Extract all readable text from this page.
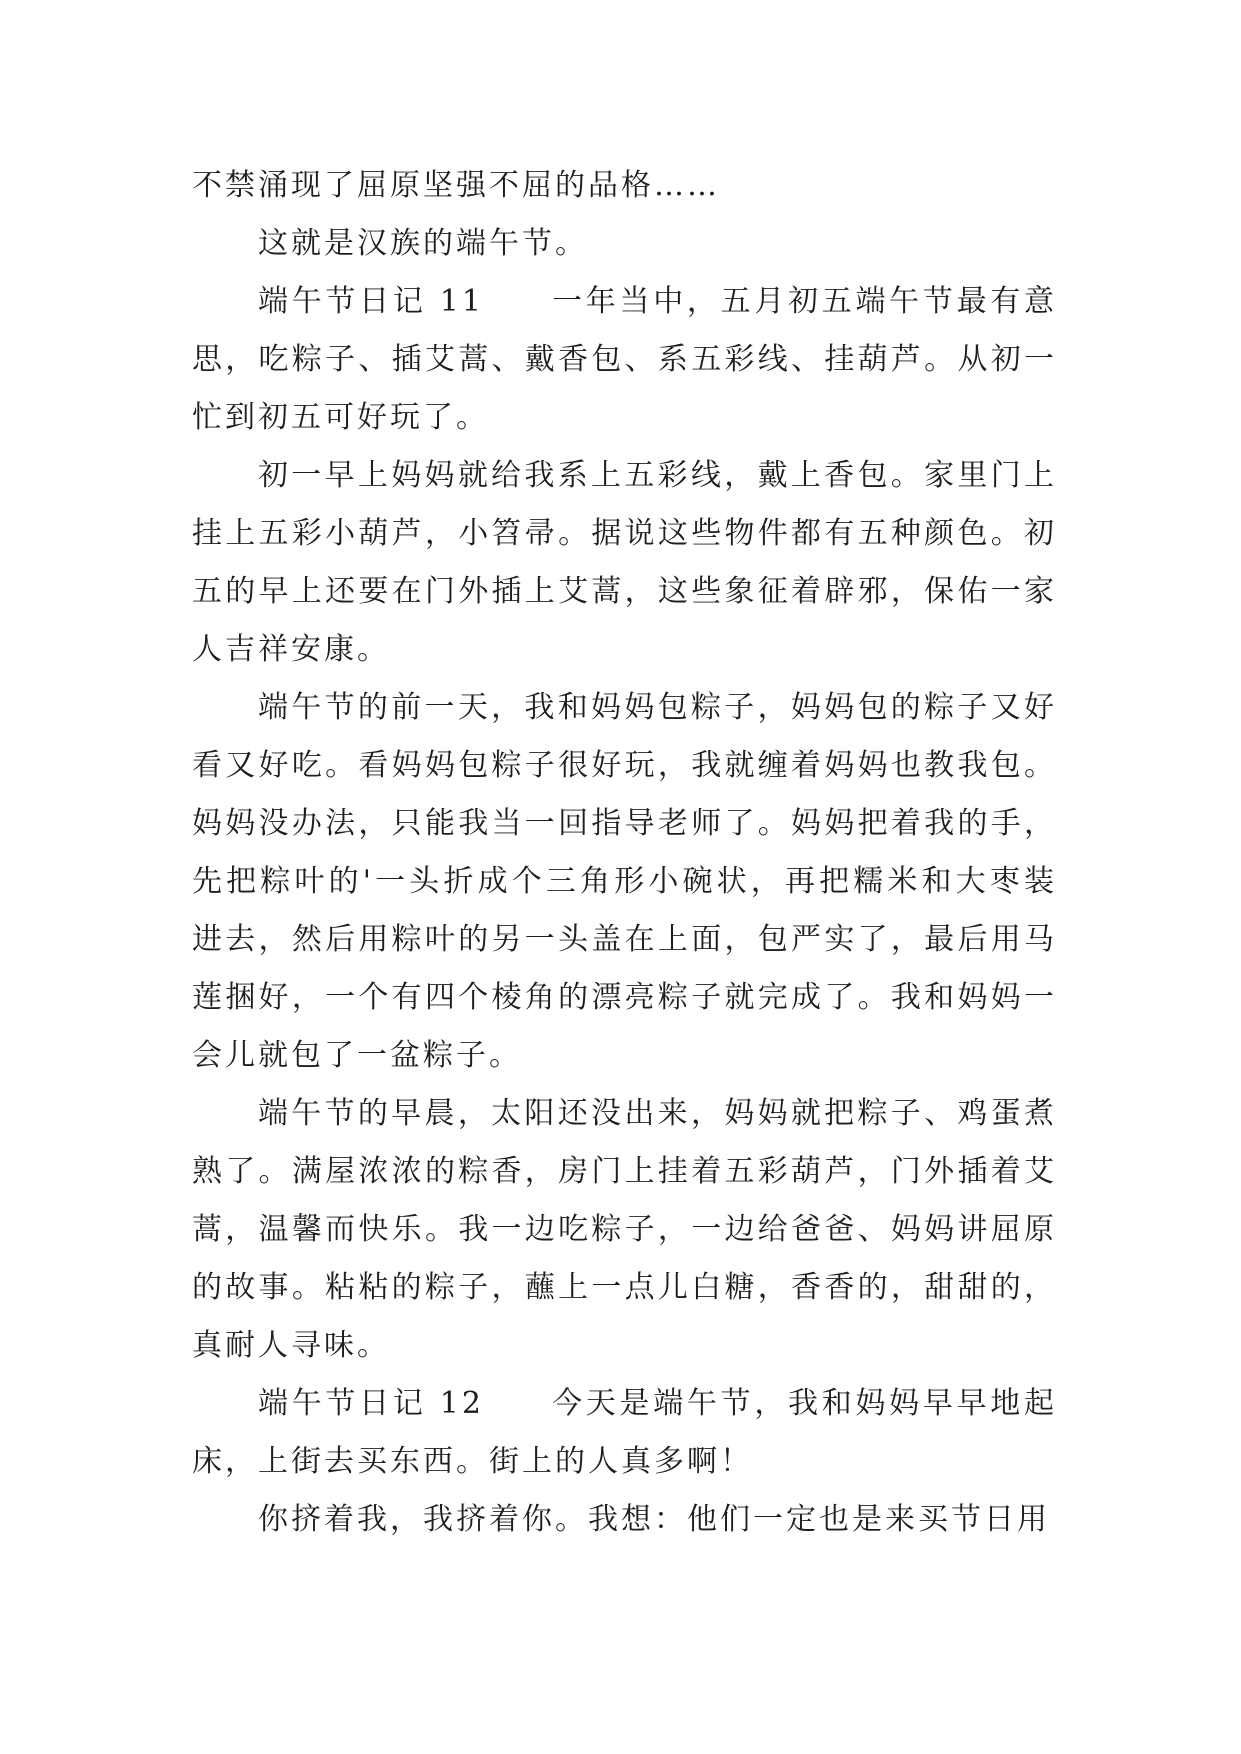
不禁涌现了屈原坚强不屈的品格……

这就是汉族的端午节。

端午节日记 11　　一年当中，五月初五端午节最有意思，吃粽子、插艾蒿、戴香包、系五彩线、挂葫芦。从初一忙到初五可好玩了。

初一早上妈妈就给我系上五彩线，戴上香包。家里门上挂上五彩小葫芦，小笤帚。据说这些物件都有五种颜色。初五的早上还要在门外插上艾蒿，这些象征着辟邪，保佑一家人吉祥安康。

端午节的前一天，我和妈妈包粽子，妈妈包的粽子又好看又好吃。看妈妈包粽子很好玩，我就缠着妈妈也教我包。妈妈没办法，只能我当一回指导老师了。妈妈把着我的手，先把粽叶的'一头折成个三角形小碗状，再把糯米和大枣装进去，然后用粽叶的另一头盖在上面，包严实了，最后用马莲捆好，一个有四个棱角的漂亮粽子就完成了。我和妈妈一会儿就包了一盆粽子。

端午节的早晨，太阳还没出来，妈妈就把粽子、鸡蛋煮熟了。满屋浓浓的粽香，房门上挂着五彩葫芦，门外插着艾蒿，温馨而快乐。我一边吃粽子，一边给爸爸、妈妈讲屈原的故事。粘粘的粽子，蘸上一点儿白糖，香香的，甜甜的，真耐人寻味。

端午节日记 12　　今天是端午节，我和妈妈早早地起床，上街去买东西。街上的人真多啊！

你挤着我，我挤着你。我想：他们一定也是来买节日用
